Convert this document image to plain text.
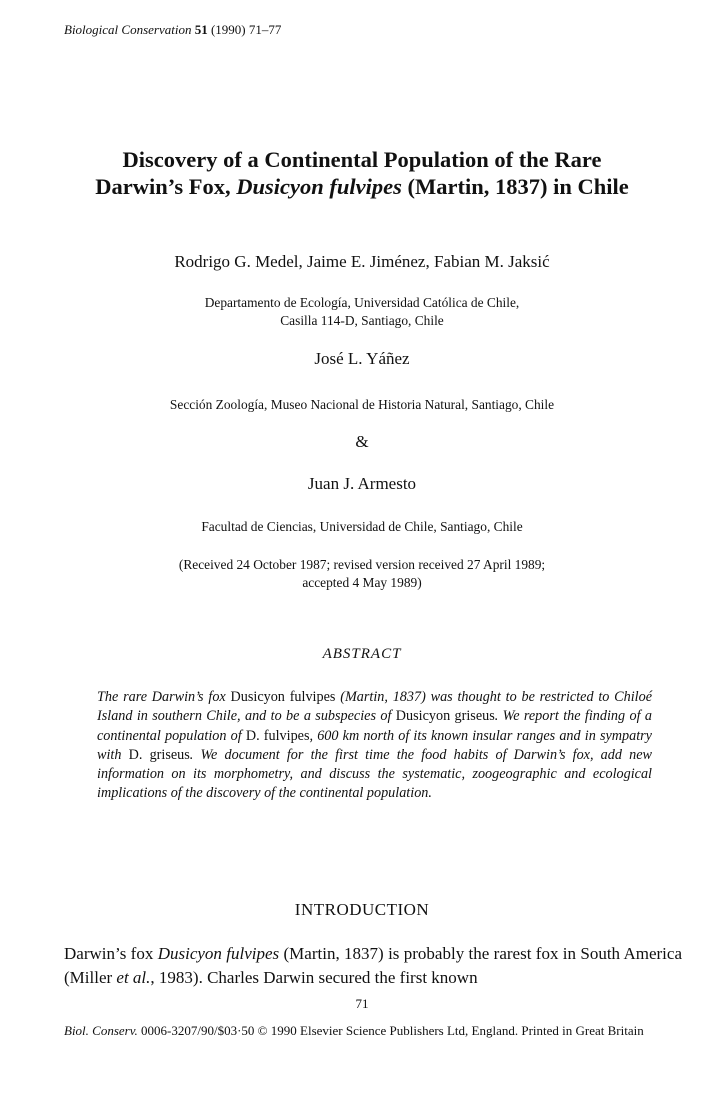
Biological Conservation 51 (1990) 71–77
Discovery of a Continental Population of the Rare
Darwin’s Fox, Dusicyon fulvipes (Martin, 1837) in Chile
Rodrigo G. Medel, Jaime E. Jiménez, Fabian M. Jaksić
Departamento de Ecología, Universidad Católica de Chile,
Casilla 114-D, Santiago, Chile
José L. Yáñez
Sección Zoología, Museo Nacional de Historia Natural, Santiago, Chile
&
Juan J. Armesto
Facultad de Ciencias, Universidad de Chile, Santiago, Chile
(Received 24 October 1987; revised version received 27 April 1989;
accepted 4 May 1989)
ABSTRACT
The rare Darwin’s fox Dusicyon fulvipes (Martin, 1837) was thought to be restricted to Chiloé Island in southern Chile, and to be a subspecies of Dusicyon griseus. We report the finding of a continental population of D. fulvipes, 600 km north of its known insular ranges and in sympatry with D. griseus. We document for the first time the food habits of Darwin’s fox, add new information on its morphometry, and discuss the systematic, zoogeographic and ecological implications of the discovery of the continental population.
INTRODUCTION
Darwin’s fox Dusicyon fulvipes (Martin, 1837) is probably the rarest fox in South America (Miller et al., 1983). Charles Darwin secured the first known
71
Biol. Conserv. 0006-3207/90/$03·50 © 1990 Elsevier Science Publishers Ltd, England. Printed in Great Britain
